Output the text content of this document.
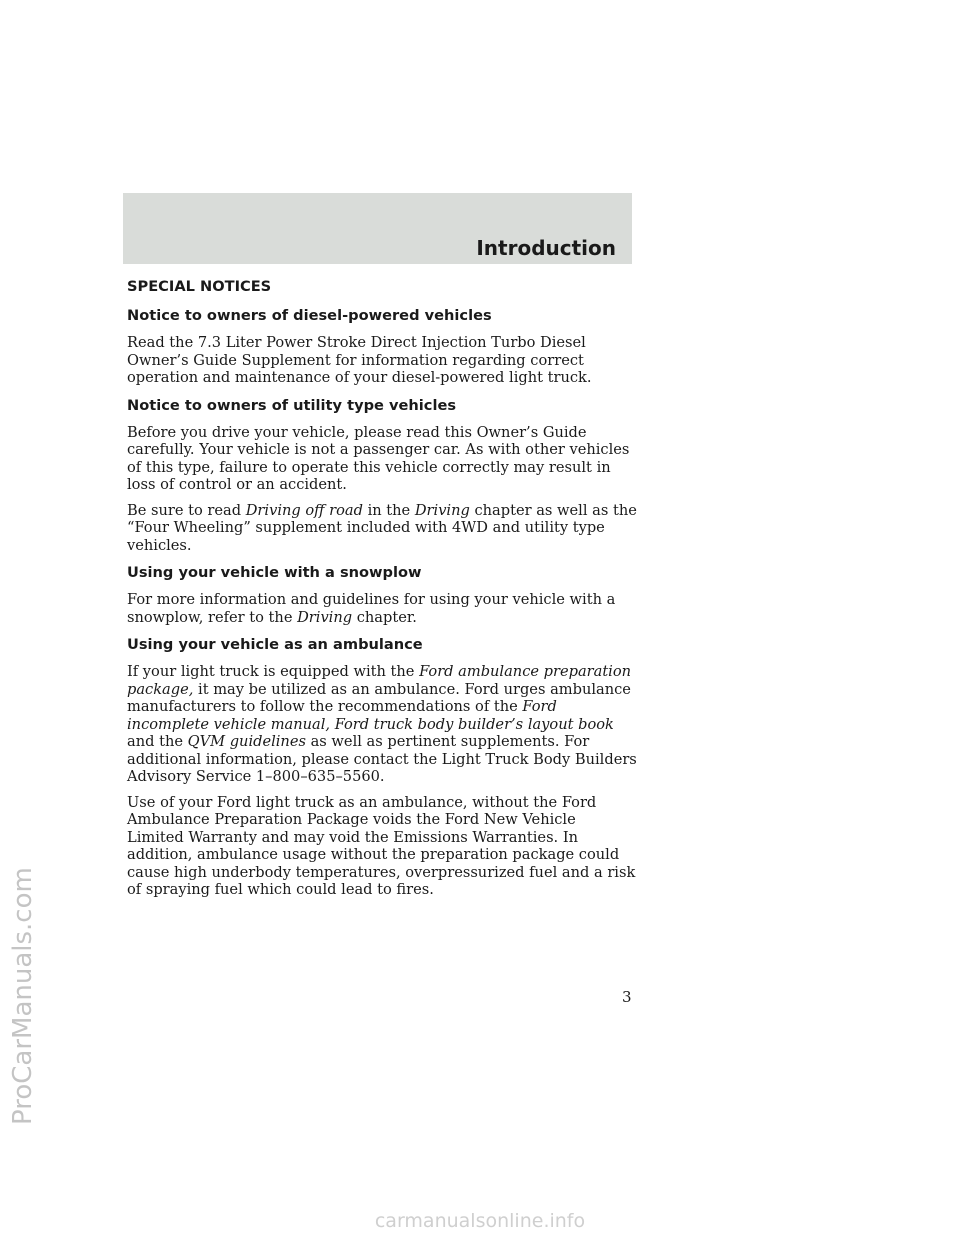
Introduction
SPECIAL NOTICES
Notice to owners of diesel-powered vehicles

Read the 7.3 Liter Power Stroke Direct Injection Turbo Diesel Owner’s Guide Supplement for information regarding correct operation and maintenance of your diesel-powered light truck.

Notice to owners of utility type vehicles

Before you drive your vehicle, please read this Owner’s Guide carefully. Your vehicle is not a passenger car. As with other vehicles of this type, failure to operate this vehicle correctly may result in loss of control or an accident.

Be sure to read Driving off road in the Driving chapter as well as the “Four Wheeling” supplement included with 4WD and utility type vehicles.

Using your vehicle with a snowplow

For more information and guidelines for using your vehicle with a snowplow, refer to the Driving chapter.

Using your vehicle as an ambulance

If your light truck is equipped with the Ford ambulance preparation package, it may be utilized as an ambulance. Ford urges ambulance manufacturers to follow the recommendations of the Ford incomplete vehicle manual, Ford truck body builder’s layout book and the QVM guidelines as well as pertinent supplements. For additional information, please contact the Light Truck Body Builders Advisory Service 1–800–635–5560.

Use of your Ford light truck as an ambulance, without the Ford Ambulance Preparation Package voids the Ford New Vehicle Limited Warranty and may void the Emissions Warranties. In addition, ambulance usage without the preparation package could cause high underbody temperatures, overpressurized fuel and a risk of spraying fuel which could lead to fires.

3
ProCarManuals.com
carmanualsonline.info
